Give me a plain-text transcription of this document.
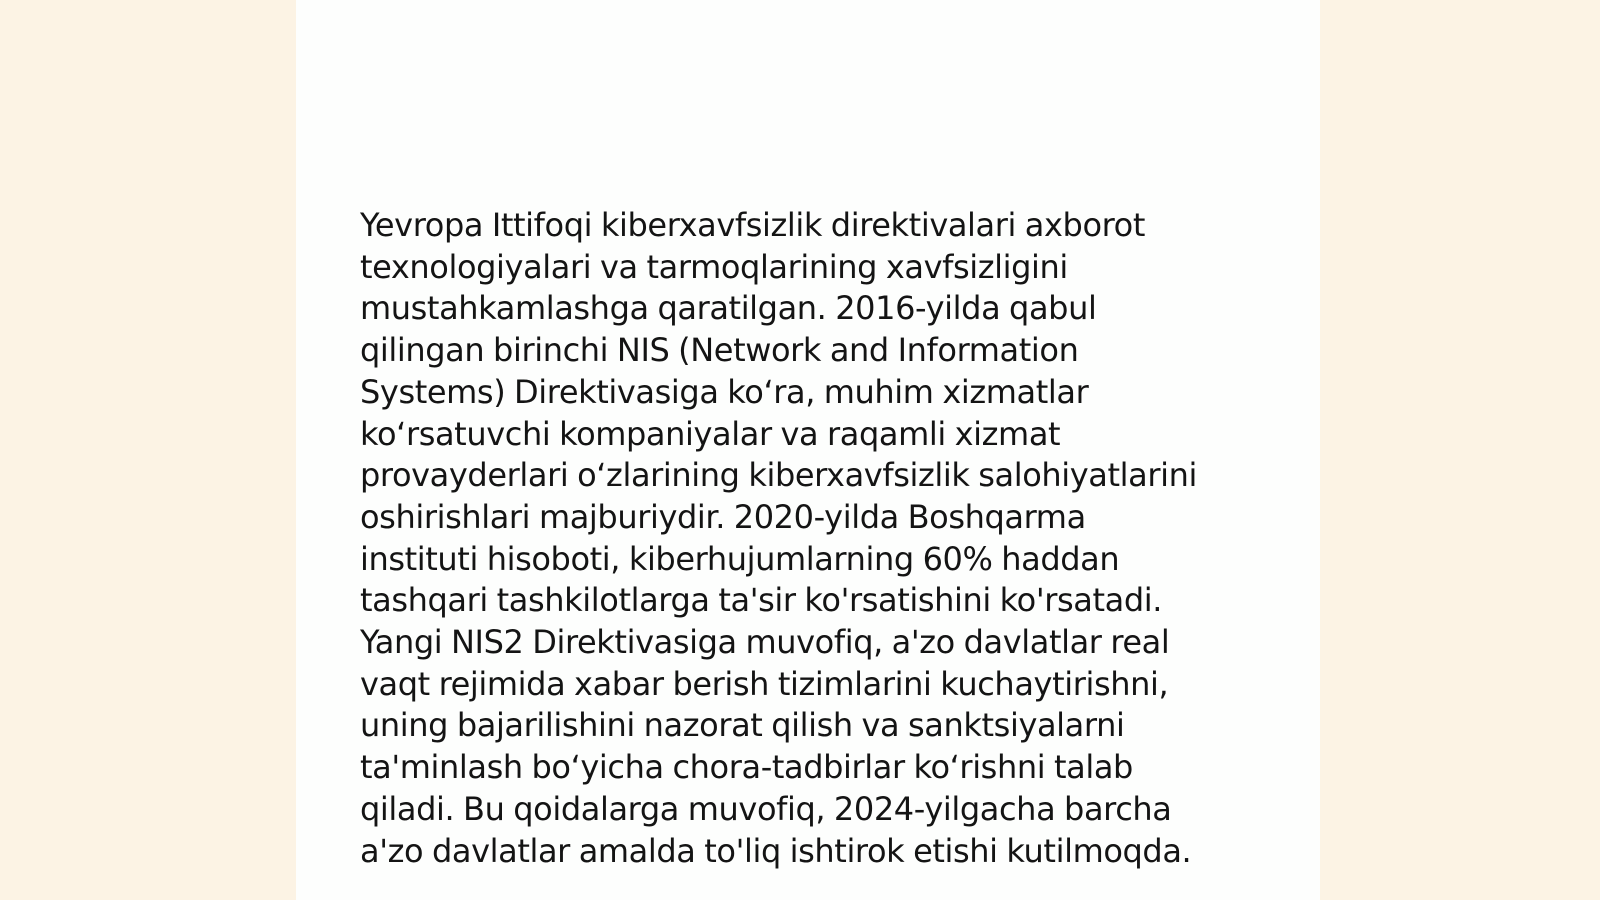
Yevropa Ittifoqi kiberxavfsizlik direktivalari axborot
texnologiyalari va tarmoqlarining xavfsizligini
mustahkamlashga qaratilgan. 2016-yilda qabul
qilingan birinchi NIS (Network and Information
Systems) Direktivasiga koʻra, muhim xizmatlar
koʻrsatuvchi kompaniyalar va raqamli xizmat
provayderlari oʻzlarining kiberxavfsizlik salohiyatlarini
oshirishlari majburiydir. 2020-yilda Boshqarma
instituti hisoboti, kiberhujumlarning 60% haddan
tashqari tashkilotlarga ta'sir ko'rsatishini ko'rsatadi.
Yangi NIS2 Direktivasiga muvofiq, a'zo davlatlar real
vaqt rejimida xabar berish tizimlarini kuchaytirishni,
uning bajarilishini nazorat qilish va sanktsiyalarni
ta'minlash boʻyicha chora-tadbirlar koʻrishni talab
qiladi. Bu qoidalarga muvofiq, 2024-yilgacha barcha
a'zo davlatlar amalda to'liq ishtirok etishi kutilmoqda.
